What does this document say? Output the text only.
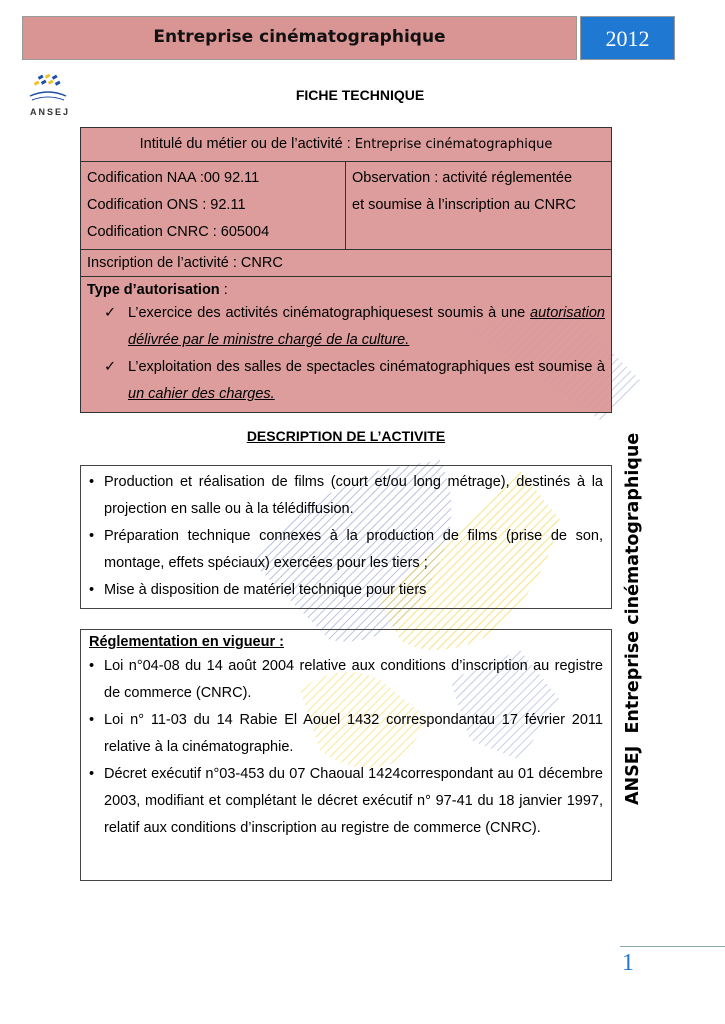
Entreprise cinématographique	2012
ANSEJ
FICHE TECHNIQUE
Intitulé du métier ou de l’activité : Entreprise cinématographique

Codification NAA :00 92.11
Codification ONS : 92.11
Codification CNRC : 605004

Observation : activité réglementée
et soumise à l’inscription au CNRC

Inscription de l’activité : CNRC

Type d’autorisation :
✓ L’exercice des activités cinématographiquesest soumis à une autorisation délivrée par le ministre chargé de la culture.
✓ L’exploitation des salles de spectacles cinématographiques est soumise à un cahier des charges.
DESCRIPTION DE L’ACTIVITE
• Production et réalisation de films (court et/ou long métrage), destinés à la projection en salle ou à la télédiffusion.
• Préparation technique connexes à la production de films (prise de son, montage, effets spéciaux) exercées pour les tiers ;
• Mise à disposition de matériel technique pour tiers
Réglementation en vigueur :
• Loi n°04-08 du 14 août 2004 relative aux conditions d’inscription au registre de commerce (CNRC).
• Loi n° 11-03 du 14 Rabie El Aouel 1432 correspondantau 17 février 2011 relative à la cinématographie.
• Décret exécutif n°03-453 du 07 Chaoual 1424correspondant au 01 décembre 2003, modifiant et complétant le décret exécutif n° 97-41 du 18 janvier 1997, relatif aux conditions d’inscription au registre de commerce (CNRC).
ANSEJ  Entreprise cinématographique
1
